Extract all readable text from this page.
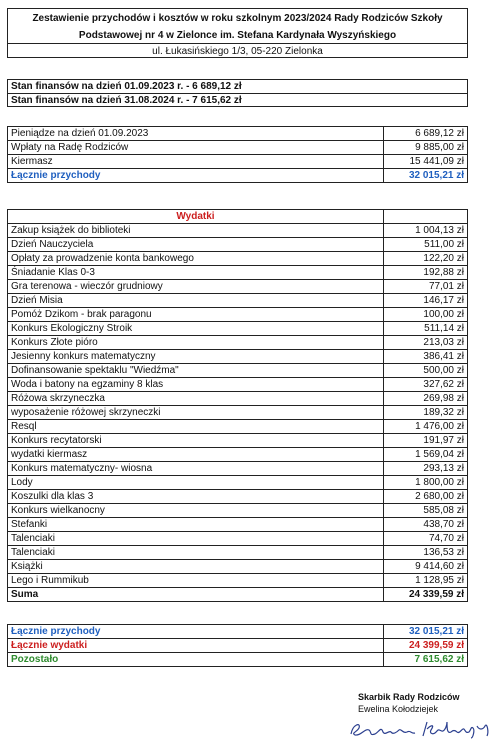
Zestawienie przychodów i kosztów w roku szkolnym 2023/2024 Rady Rodziców Szkoły
Podstawowej nr 4 w Zielonce im. Stefana Kardynała Wyszyńskiego
ul. Łukasińskiego 1/3, 05-220 Zielonka
Stan finansów na dzień 01.09.2023 r. - 6 689,12 zł
Stan finansów na dzień 31.08.2024 r. - 7 615,62 zł
Pieniądze na dzień 01.09.2023	6 689,12 zł
Wpłaty na Radę Rodziców	9 885,00 zł
Kiermasz	15 441,09 zł
Łącznie przychody	32 015,21 zł
Wydatki	
Zakup książek do biblioteki	1 004,13 zł
Dzień Nauczyciela	511,00 zł
Opłaty za prowadzenie konta bankowego	122,20 zł
Śniadanie Klas 0-3	192,88 zł
Gra terenowa - wieczór grudniowy	77,01 zł
Dzień Misia	146,17 zł
Pomóż Dzikom - brak paragonu	100,00 zł
Konkurs Ekologiczny Stroik	511,14 zł
Konkurs Złote pióro	213,03 zł
Jesienny konkurs matematyczny	386,41 zł
Dofinansowanie spektaklu "Wiedźma"	500,00 zł
Woda i batony na egzaminy 8 klas	327,62 zł
Różowa skrzyneczka	269,98 zł
wyposażenie różowej skrzyneczki	189,32 zł
Resql	1 476,00 zł
Konkurs recytatorski	191,97 zł
wydatki kiermasz	1 569,04 zł
Konkurs matematyczny- wiosna	293,13 zł
Lody	1 800,00 zł
Koszulki dla klas 3	2 680,00 zł
Konkurs wielkanocny	585,08 zł
Stefanki	438,70 zł
Talenciaki	74,70 zł
Talenciaki	136,53 zł
Książki	9 414,60 zł
Lego i Rummikub	1 128,95 zł
Suma	24 339,59 zł
Łącznie przychody	32 015,21 zł
Łącznie wydatki	24 399,59 zł
Pozostało	7 615,62 zł
Skarbik Rady Rodziców
Ewelina Kołodziejek
